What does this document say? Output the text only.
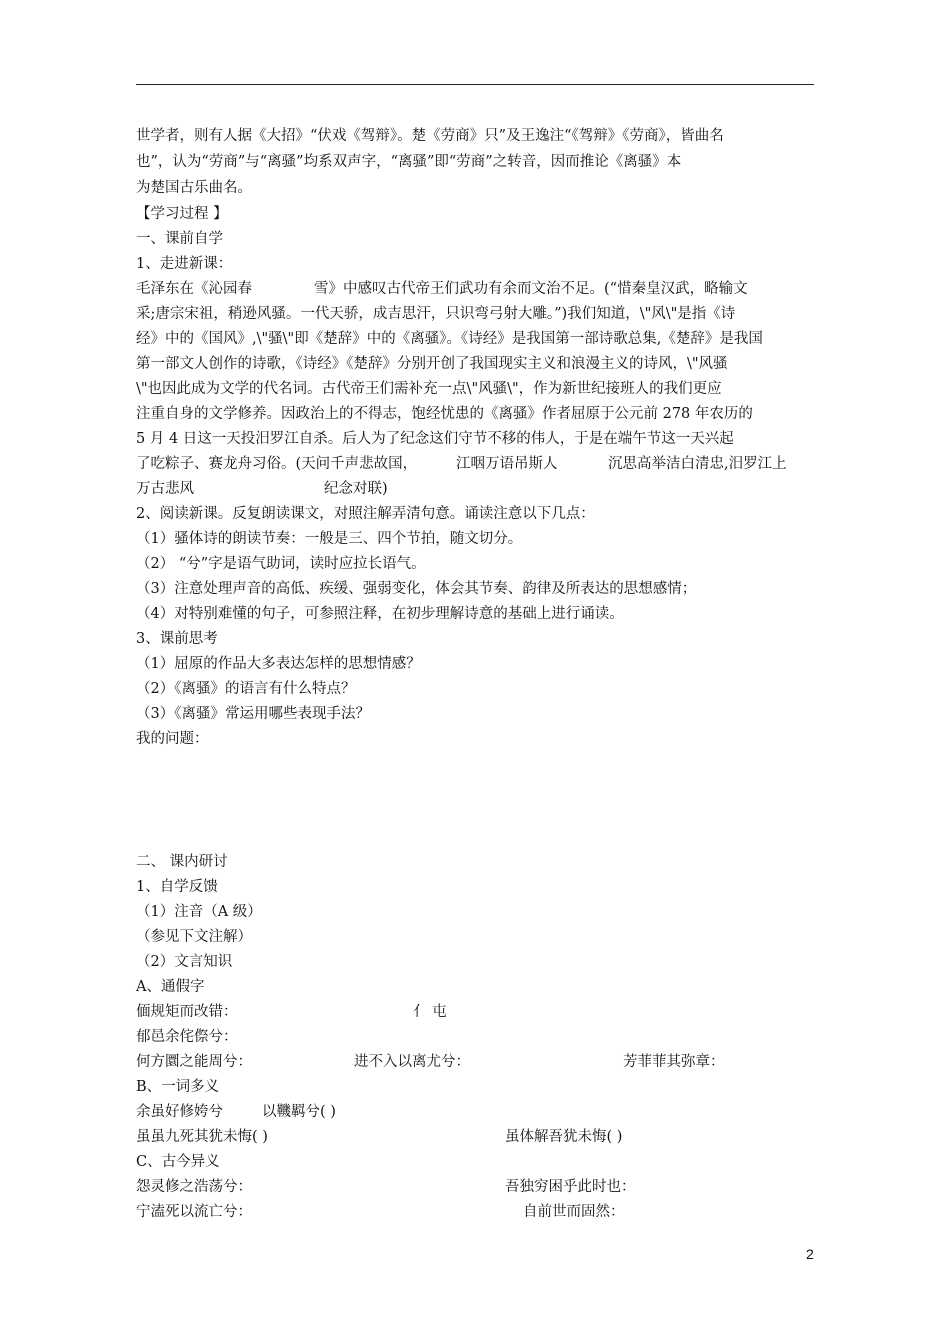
世学者，则有人据《大招》“伏戏《驾辩》。楚《劳商》只”及王逸注“《驾辩》《劳商》，皆曲名
也”，认为“劳商”与“离骚”均系双声字，“离骚”即“劳商”之转音，因而推论《离骚》本
为楚国古乐曲名。
【学习过程 】
一、课前自学
1、走进新课：
毛泽东在《沁园春	雪》中感叹古代帝王们武功有余而文治不足。(“惜秦皇汉武，略输文
采;唐宗宋祖，稍逊风骚。一代天骄，成吉思汗，只识弯弓射大雕。”)我们知道，\"风\"是指《诗
经》中的《国风》,\"骚\"即《楚辞》中的《离骚》。《诗经》是我国第一部诗歌总集,《楚辞》是我国
第一部文人创作的诗歌，《诗经》《楚辞》分别开创了我国现实主义和浪漫主义的诗风，\"风骚
\"也因此成为文学的代名词。古代帝王们需补充一点\"风骚\"，作为新世纪接班人的我们更应
注重自身的文学修养。因政治上的不得志，饱经忧患的《离骚》作者屈原于公元前 278 年农历的
5 月 4 日这一天投汨罗江自杀。后人为了纪念这们守节不移的伟人，于是在端午节这一天兴起
了吃粽子、赛龙舟习俗。(天问千声悲故国，	江咽万语吊斯人	沉思高举洁白清忠,汨罗江上
万古悲风	纪念对联)
2、阅读新课。反复朗读课文，对照注解弄清句意。诵读注意以下几点：
（1）骚体诗的朗读节奏：一般是三、四个节拍，随文切分。
（2） “兮”字是语气助词，读时应拉长语气。
（3）注意处理声音的高低、疾缓、强弱变化，体会其节奏、韵律及所表达的思想感情；
（4）对特别难懂的句子，可参照注释，在初步理解诗意的基础上进行诵读。
3、课前思考
（1）屈原的作品大多表达怎样的思想情感？
（2）《离骚》的语言有什么特点？
（3）《离骚》常运用哪些表现手法？
我的问题：
二、 课内研讨
1、自学反馈
（1）注音（A 级）
（参见下文注解）
（2）文言知识
A、通假字
偭规矩而改错：	亻 屯
郁邑余侘傺兮：
何方圜之能周兮：	进不入以离尤兮：	芳菲菲其弥章：
B、一词多义
余虽好修姱兮	以鞿羁兮( )
虽虽九死其犹未悔( )	虽体解吾犹未悔( )
C、古今异义
怨灵修之浩荡兮：	吾独穷困乎此时也：
宁溘死以流亡兮：	自前世而固然：
2
